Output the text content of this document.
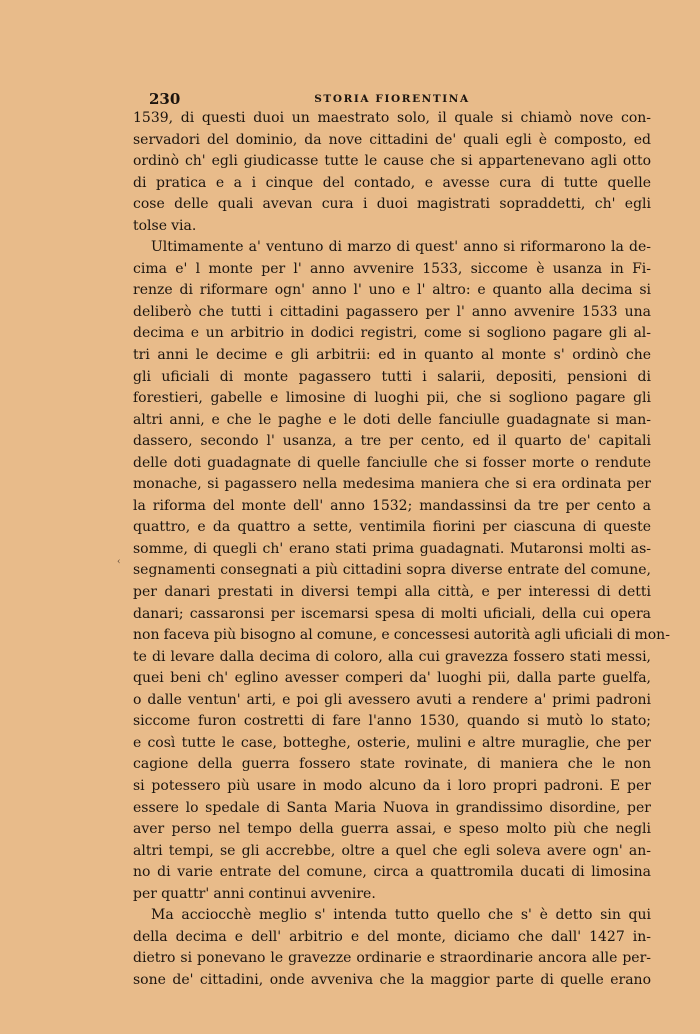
230	STORIA FIORENTINA
‹
1539, di questi duoi un maestrato solo, il quale si chiamò nove con-
servadori del dominio, da nove cittadini de' quali egli è composto, ed
ordinò ch' egli giudicasse tutte le cause che si appartenevano agli otto
di pratica e a i cinque del contado, e avesse cura di tutte quelle
cose delle quali avevan cura i duoi magistrati sopraddetti, ch' egli
tolse via.
Ultimamente a' ventuno di marzo di quest' anno si riformarono la de-
cima e' l monte per l' anno avvenire 1533, siccome è usanza in Fi-
renze di riformare ogn' anno l' uno e l' altro: e quanto alla decima si
deliberò che tutti i cittadini pagassero per l' anno avvenire 1533 una
decima e un arbitrio in dodici registri, come si sogliono pagare gli al-
tri anni le decime e gli arbitrii: ed in quanto al monte s' ordinò che
gli uficiali di monte pagassero tutti i salarii, depositi, pensioni di
forestieri, gabelle e limosine di luoghi pii, che si sogliono pagare gli
altri anni, e che le paghe e le doti delle fanciulle guadagnate si man-
dassero, secondo l' usanza, a tre per cento, ed il quarto de' capitali
delle doti guadagnate di quelle fanciulle che si fosser morte o rendute
monache, si pagassero nella medesima maniera che si era ordinata per
la riforma del monte dell' anno 1532; mandassinsi da tre per cento a
quattro, e da quattro a sette, ventimila fiorini per ciascuna di queste
somme, di quegli ch' erano stati prima guadagnati. Mutaronsi molti as-
segnamenti consegnati a più cittadini sopra diverse entrate del comune,
per danari prestati in diversi tempi alla città, e per interessi di detti
danari; cassaronsi per iscemarsi spesa di molti uficiali, della cui opera
non faceva più bisogno al comune, e concessesi autorità agli uficiali di mon-
te di levare dalla decima di coloro, alla cui gravezza fossero stati messi,
quei beni ch' eglino avesser comperi da' luoghi pii, dalla parte guelfa,
o dalle ventun' arti, e poi gli avessero avuti a rendere a' primi padroni
siccome furon costretti di fare l'anno 1530, quando si mutò lo stato;
e così tutte le case, botteghe, osterie, mulini e altre muraglie, che per
cagione della guerra fossero state rovinate, di maniera che le non
si potessero più usare in modo alcuno da i loro propri padroni. E per
essere lo spedale di Santa Maria Nuova in grandissimo disordine, per
aver perso nel tempo della guerra assai, e speso molto più che negli
altri tempi, se gli accrebbe, oltre a quel che egli soleva avere ogn' an-
no di varie entrate del comune, circa a quattromila ducati di limosina
per quattr' anni continui avvenire.
Ma acciocchè meglio s' intenda tutto quello che s' è detto sin qui
della decima e dell' arbitrio e del monte, diciamo che dall' 1427 in-
dietro si ponevano le gravezze ordinarie e straordinarie ancora alle per-
sone de' cittadini, onde avveniva che la maggior parte di quelle erano
